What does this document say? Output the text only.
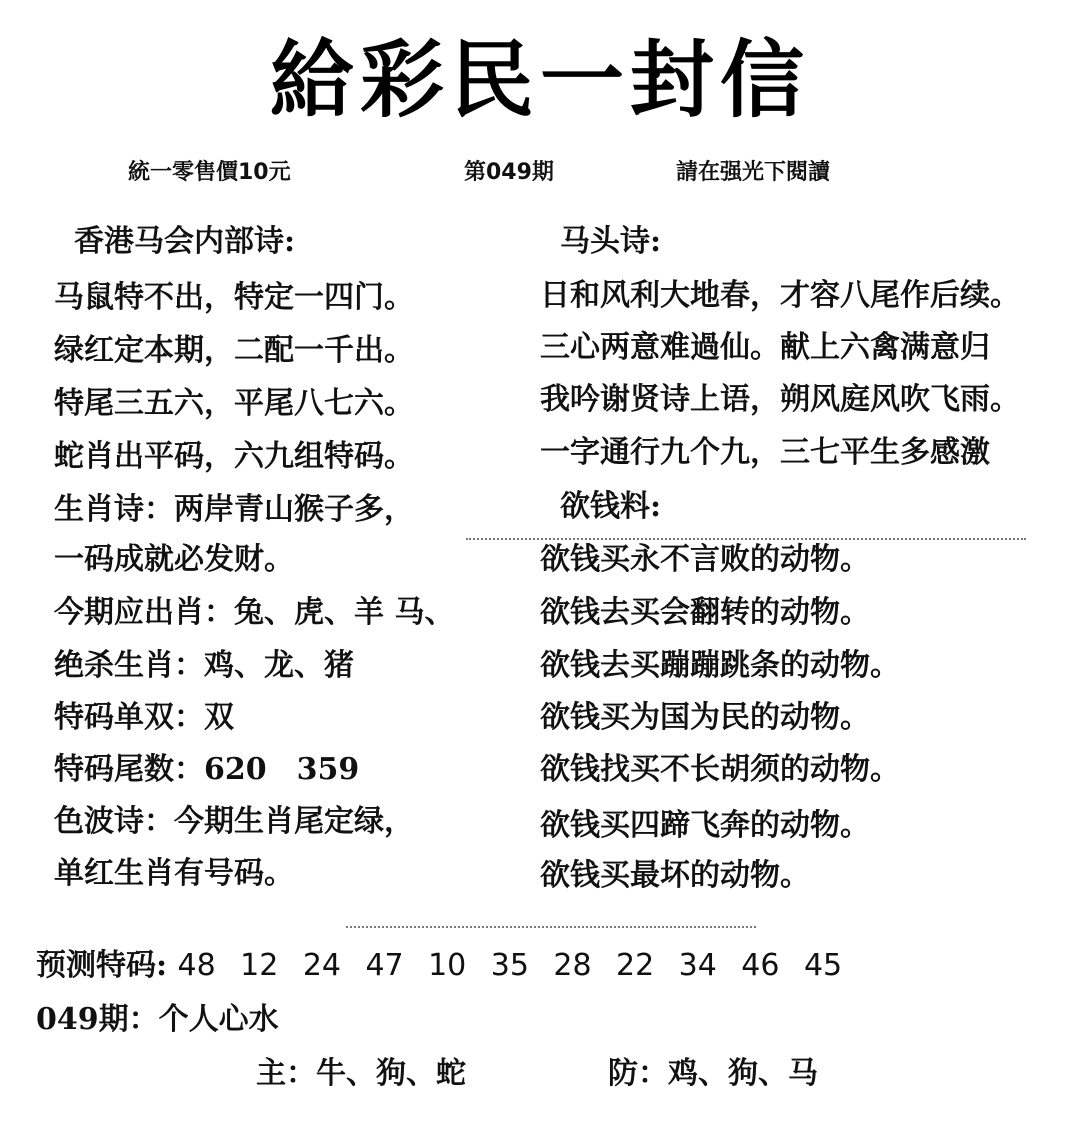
給彩民一封信
統一零售價10元	第049期	請在强光下閱讀
香港马会内部诗:
马鼠特不出，特定一四门。
绿红定本期，二配一千出。
特尾三五六，平尾八七六。
蛇肖出平码，六九组特码。
生肖诗：两岸青山猴子多，
一码成就必发财。
今期应出肖：兔、虎、羊 马、
绝杀生肖：鸡、龙、猪
特码单双：双
特码尾数：620　359
色波诗：今期生肖尾定绿，
单红生肖有号码。
马头诗:
日和风利大地春，才容八尾作后续。
三心两意难過仙。献上六禽满意归
我吟谢贤诗上语，朔风庭风吹飞雨。
一字通行九个九，三七平生多感激
欲钱料:
欲钱买永不言败的动物。
欲钱去买会翻转的动物。
欲钱去买蹦蹦跳条的动物。
欲钱买为国为民的动物。
欲钱找买不长胡须的动物。
欲钱买四蹄飞奔的动物。
欲钱买最坏的动物。
预测特码: 48 12 24 47 10 35 28 22 34 46 45
049期：个人心水
主：牛、狗、蛇	防：鸡、狗、马
